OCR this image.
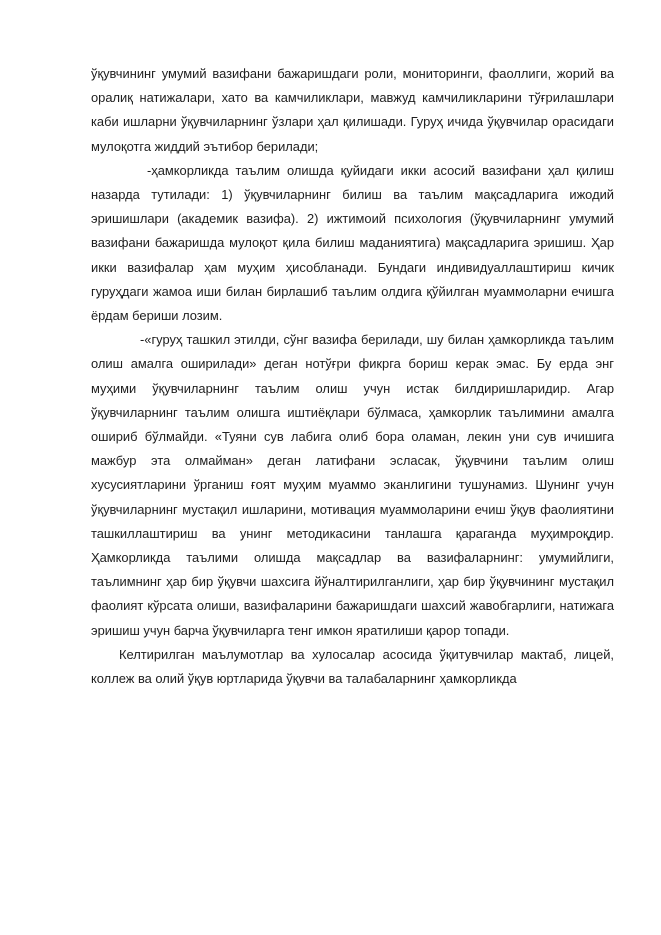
ўқувчининг умумий вазифани бажаришдаги роли, мониторинги, фаоллиги, жорий ва оралиқ натижалари, хато ва камчиликлари, мавжуд камчиликларини тўғрилашлари каби ишларни ўқувчиларнинг ўзлари ҳал қилишади. Гуруҳ ичида ўқувчилар орасидаги мулоқотга жиддий эътибор берилади;

-ҳамкорликда таълим олишда қуйидаги икки асосий вазифани ҳал қилиш назарда тутилади: 1) ўқувчиларнинг билиш ва таълим мақсадларига ижодий эришишлари (академик вазифа). 2) ижтимоий психология (ўқувчиларнинг умумий вазифани бажаришда мулоқот қила билиш маданиятига) мақсадларига эришиш. Ҳар икки вазифалар ҳам муҳим ҳисобланади. Бундаги индивидуаллаштириш кичик гуруҳдаги жамоа иши билан бирлашиб таълим олдига қўйилган муаммоларни ечишга ёрдам бериши лозим.

-«гуруҳ ташкил этилди, сўнг вазифа берилади, шу билан ҳамкорликда таълим олиш амалга оширилади» деган нотўғри фикрга бориш керак эмас. Бу ерда энг муҳими ўқувчиларнинг таълим олиш учун истак билдиришларидир. Агар ўқувчиларнинг таълим олишга иштиёқлари бўлмаса, ҳамкорлик таълимини амалга ошириб бўлмайди. «Туяни сув лабига олиб бора оламан, лекин уни сув ичишига мажбур эта олмайман» деган латифани эсласак, ўқувчини таълим олиш хусусиятларини ўрганиш ғоят муҳим муаммо эканлигини тушунамиз. Шунинг учун ўқувчиларнинг мустақил ишларини, мотивация муаммоларини ечиш ўқув фаолиятини ташкиллаштириш ва унинг методикасини танлашга қараганда муҳимроқдир. Ҳамкорликда таълими олишда мақсадлар ва вазифаларнинг: умумийлиги, таълимнинг ҳар бир ўқувчи шахсига йўналтирилганлиги, ҳар бир ўқувчининг мустақил фаолият кўрсата олиши, вазифаларини бажаришдаги шахсий жавобгарлиги, натижага эришиш учун барча ўқувчиларга тенг имкон яратилиши қарор топади.

Келтирилган маълумотлар ва хулосалар асосида ўқитувчилар мактаб, лицей, коллеж ва олий ўқув юртларида ўқувчи ва талабаларнинг ҳамкорликда
